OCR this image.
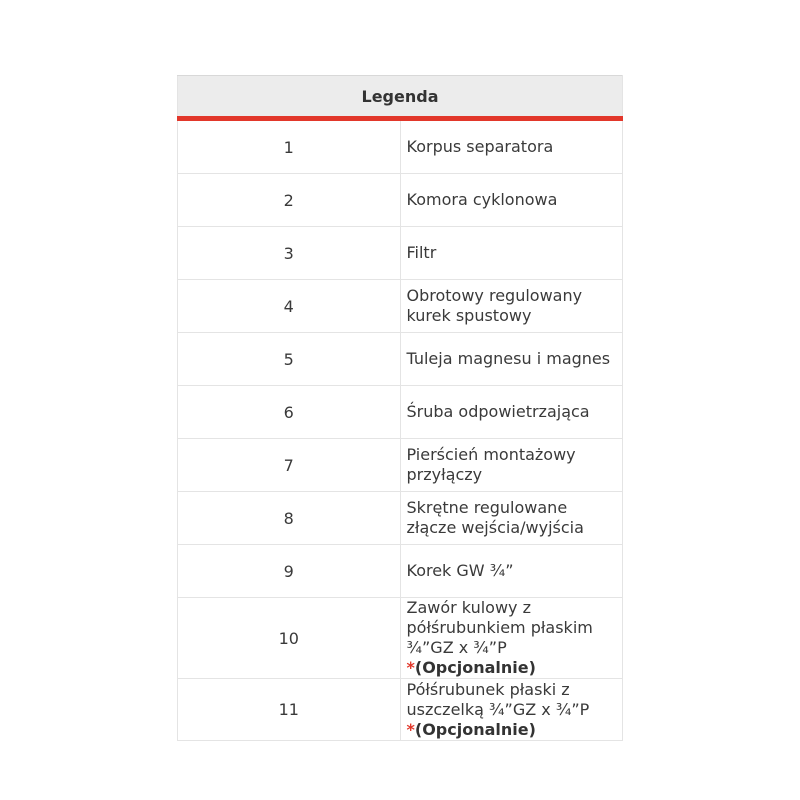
Legenda	
1	Korpus separatora
2	Komora cyklonowa
3	Filtr
4	Obrotowy regulowany kurek spustowy
5	Tuleja magnesu i magnes
6	Śruba odpowietrzająca
7	Pierścień montażowy przyłączy
8	Skrętne regulowane złącze wejścia/wyjścia
9	Korek GW ¾”
10	Zawór kulowy z półśrubunkiem płaskim ¾”GZ x ¾”P
*(Opcjonalnie)

11	Półśrubunek płaski z uszczelką ¾”GZ x ¾”P
*(Opcjonalnie)
